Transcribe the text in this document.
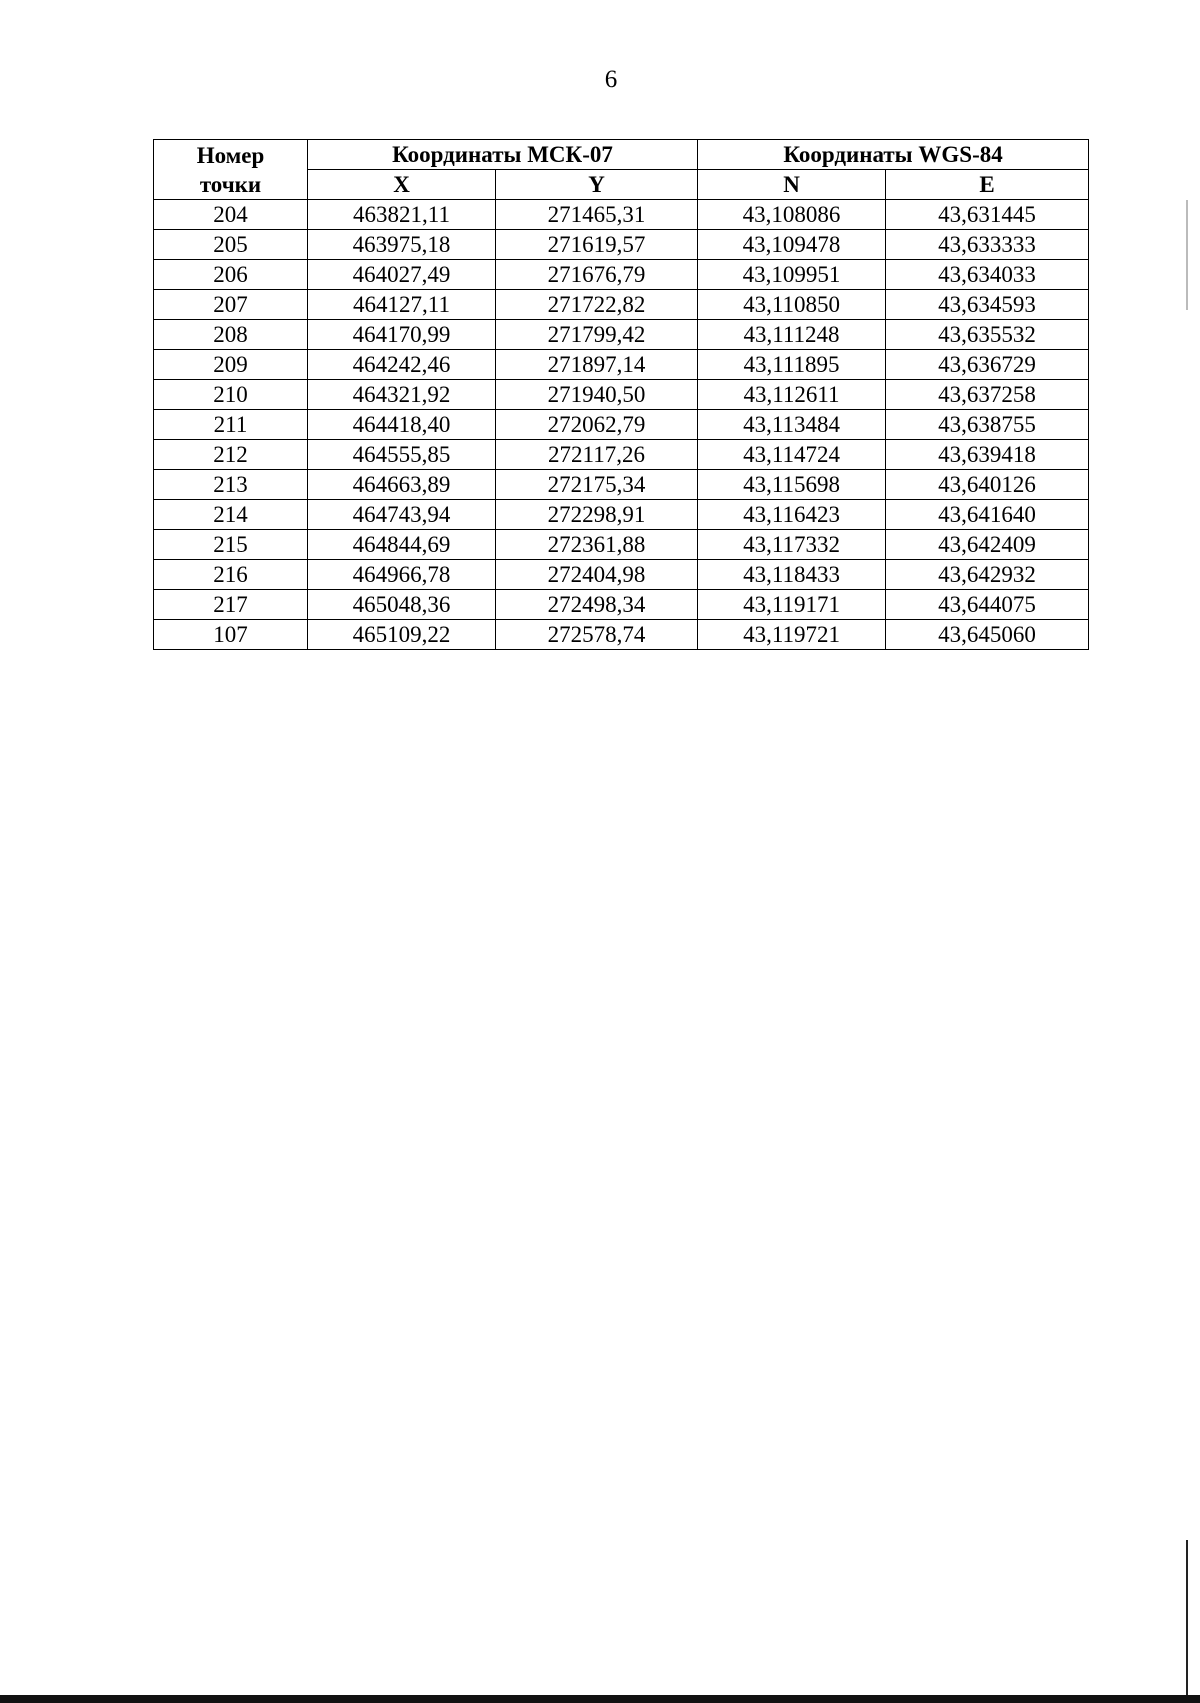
6
Номер
точки	Координаты МСК-07		Координаты WGS-84	
	X	Y	N	E
204	463821,11	271465,31	43,108086	43,631445
205	463975,18	271619,57	43,109478	43,633333
206	464027,49	271676,79	43,109951	43,634033
207	464127,11	271722,82	43,110850	43,634593
208	464170,99	271799,42	43,111248	43,635532
209	464242,46	271897,14	43,111895	43,636729
210	464321,92	271940,50	43,112611	43,637258
211	464418,40	272062,79	43,113484	43,638755
212	464555,85	272117,26	43,114724	43,639418
213	464663,89	272175,34	43,115698	43,640126
214	464743,94	272298,91	43,116423	43,641640
215	464844,69	272361,88	43,117332	43,642409
216	464966,78	272404,98	43,118433	43,642932
217	465048,36	272498,34	43,119171	43,644075
107	465109,22	272578,74	43,119721	43,645060
